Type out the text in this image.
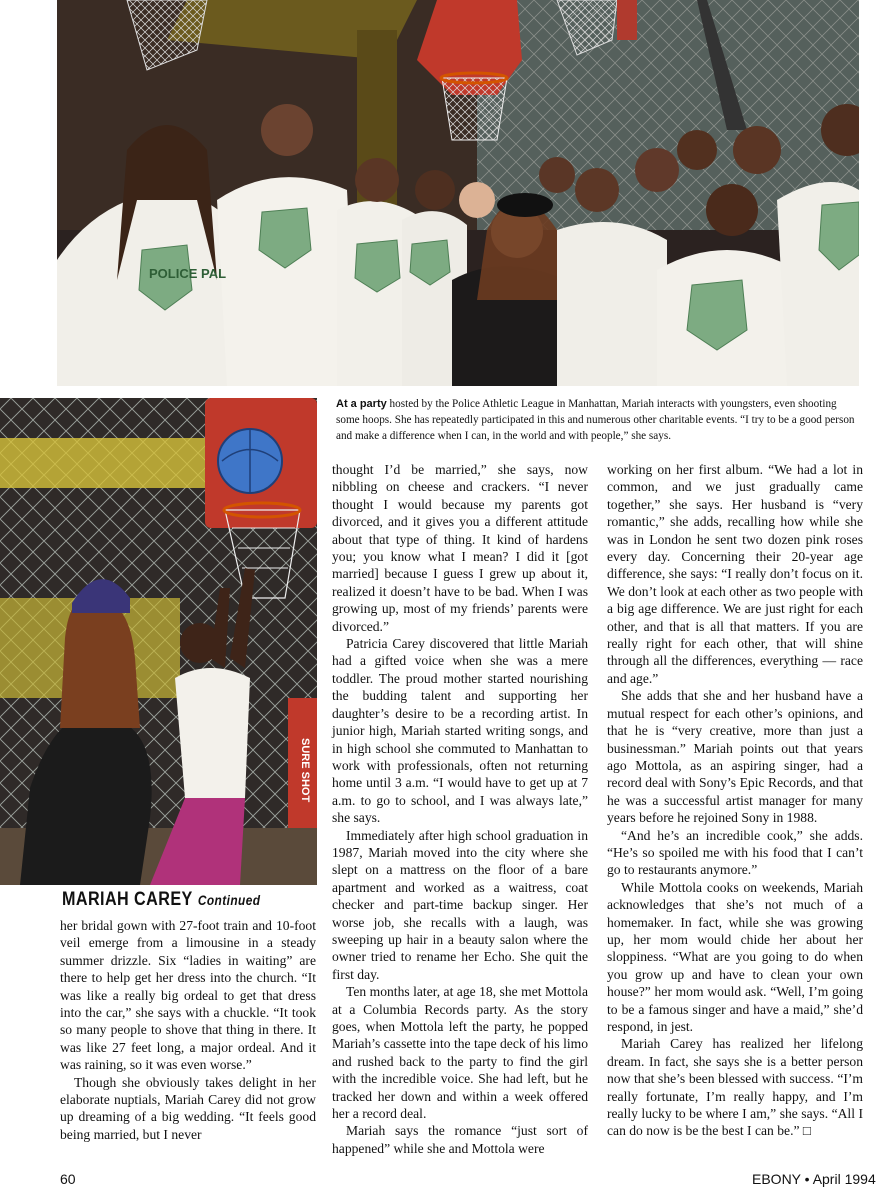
POLICE PAL
SURE SHOT
At a party hosted by the Police Athletic League in Manhattan, Mariah interacts with youngsters, even shooting some hoops. She has repeatedly participated in this and numerous other charitable events. “I try to be a good person and make a difference when I can, in the world and with people,” she says.
MARIAH CAREY Continued

her bridal gown with 27-foot train and 10-foot veil emerge from a limousine in a steady summer drizzle. Six “ladies in waiting” are there to help get her dress into the church. “It was like a really big ordeal to get that dress into the car,” she says with a chuckle. “It took so many people to shove that thing in there. It was like 27 feet long, a major ordeal. And it was raining, so it was even worse.”

Though she obviously takes delight in her elaborate nuptials, Mariah Carey did not grow up dreaming of a big wedding. “It feels good being married, but I never

thought I’d be married,” she says, now nibbling on cheese and crackers. “I never thought I would because my parents got divorced, and it gives you a different attitude about that type of thing. It kind of hardens you; you know what I mean? I did it [got married] because I guess I grew up about it, realized it doesn’t have to be bad. When I was growing up, most of my friends’ parents were divorced.”

Patricia Carey discovered that little Mariah had a gifted voice when she was a mere toddler. The proud mother started nourishing the budding talent and supporting her daughter’s desire to be a recording artist. In junior high, Mariah started writing songs, and in high school she commuted to Manhattan to work with professionals, often not returning home until 3 a.m. “I would have to get up at 7 a.m. to go to school, and I was always late,” she says.

Immediately after high school graduation in 1987, Mariah moved into the city where she slept on a mattress on the floor of a bare apartment and worked as a waitress, coat checker and part-time backup singer. Her worse job, she recalls with a laugh, was sweeping up hair in a beauty salon where the owner tried to rename her Echo. She quit the first day.

Ten months later, at age 18, she met Mottola at a Columbia Records party. As the story goes, when Mottola left the party, he popped Mariah’s cassette into the tape deck of his limo and rushed back to the party to find the girl with the incredible voice. She had left, but he tracked her down and within a week offered her a record deal.

Mariah says the romance “just sort of happened” while she and Mottola were

working on her first album. “We had a lot in common, and we just gradually came together,” she says. Her husband is “very romantic,” she adds, recalling how while she was in London he sent two dozen pink roses every day. Concerning their 20-year age difference, she says: “I really don’t focus on it. We don’t look at each other as two people with a big age difference. We are just right for each other, and that is all that matters. If you are really right for each other, that will shine through all the differences, everything — race and age.”

She adds that she and her husband have a mutual respect for each other’s opinions, and that he is “very creative, more than just a businessman.” Mariah points out that years ago Mottola, as an aspiring singer, had a record deal with Sony’s Epic Records, and that he was a successful artist manager for many years before he rejoined Sony in 1988.

“And he’s an incredible cook,” she adds. “He’s so spoiled me with his food that I can’t go to restaurants anymore.”

While Mottola cooks on weekends, Mariah acknowledges that she’s not much of a homemaker. In fact, while she was growing up, her mom would chide her about her sloppiness. “What are you going to do when you grow up and have to clean your own house?” her mom would ask. “Well, I’m going to be a famous singer and have a maid,” she’d respond, in jest.

Mariah Carey has realized her lifelong dream. In fact, she says she is a better person now that she’s been blessed with success. “I’m really fortunate, I’m really happy, and I’m really lucky to be where I am,” she says. “All I can do now is be the best I can be.” □

60	EBONY • April 1994
